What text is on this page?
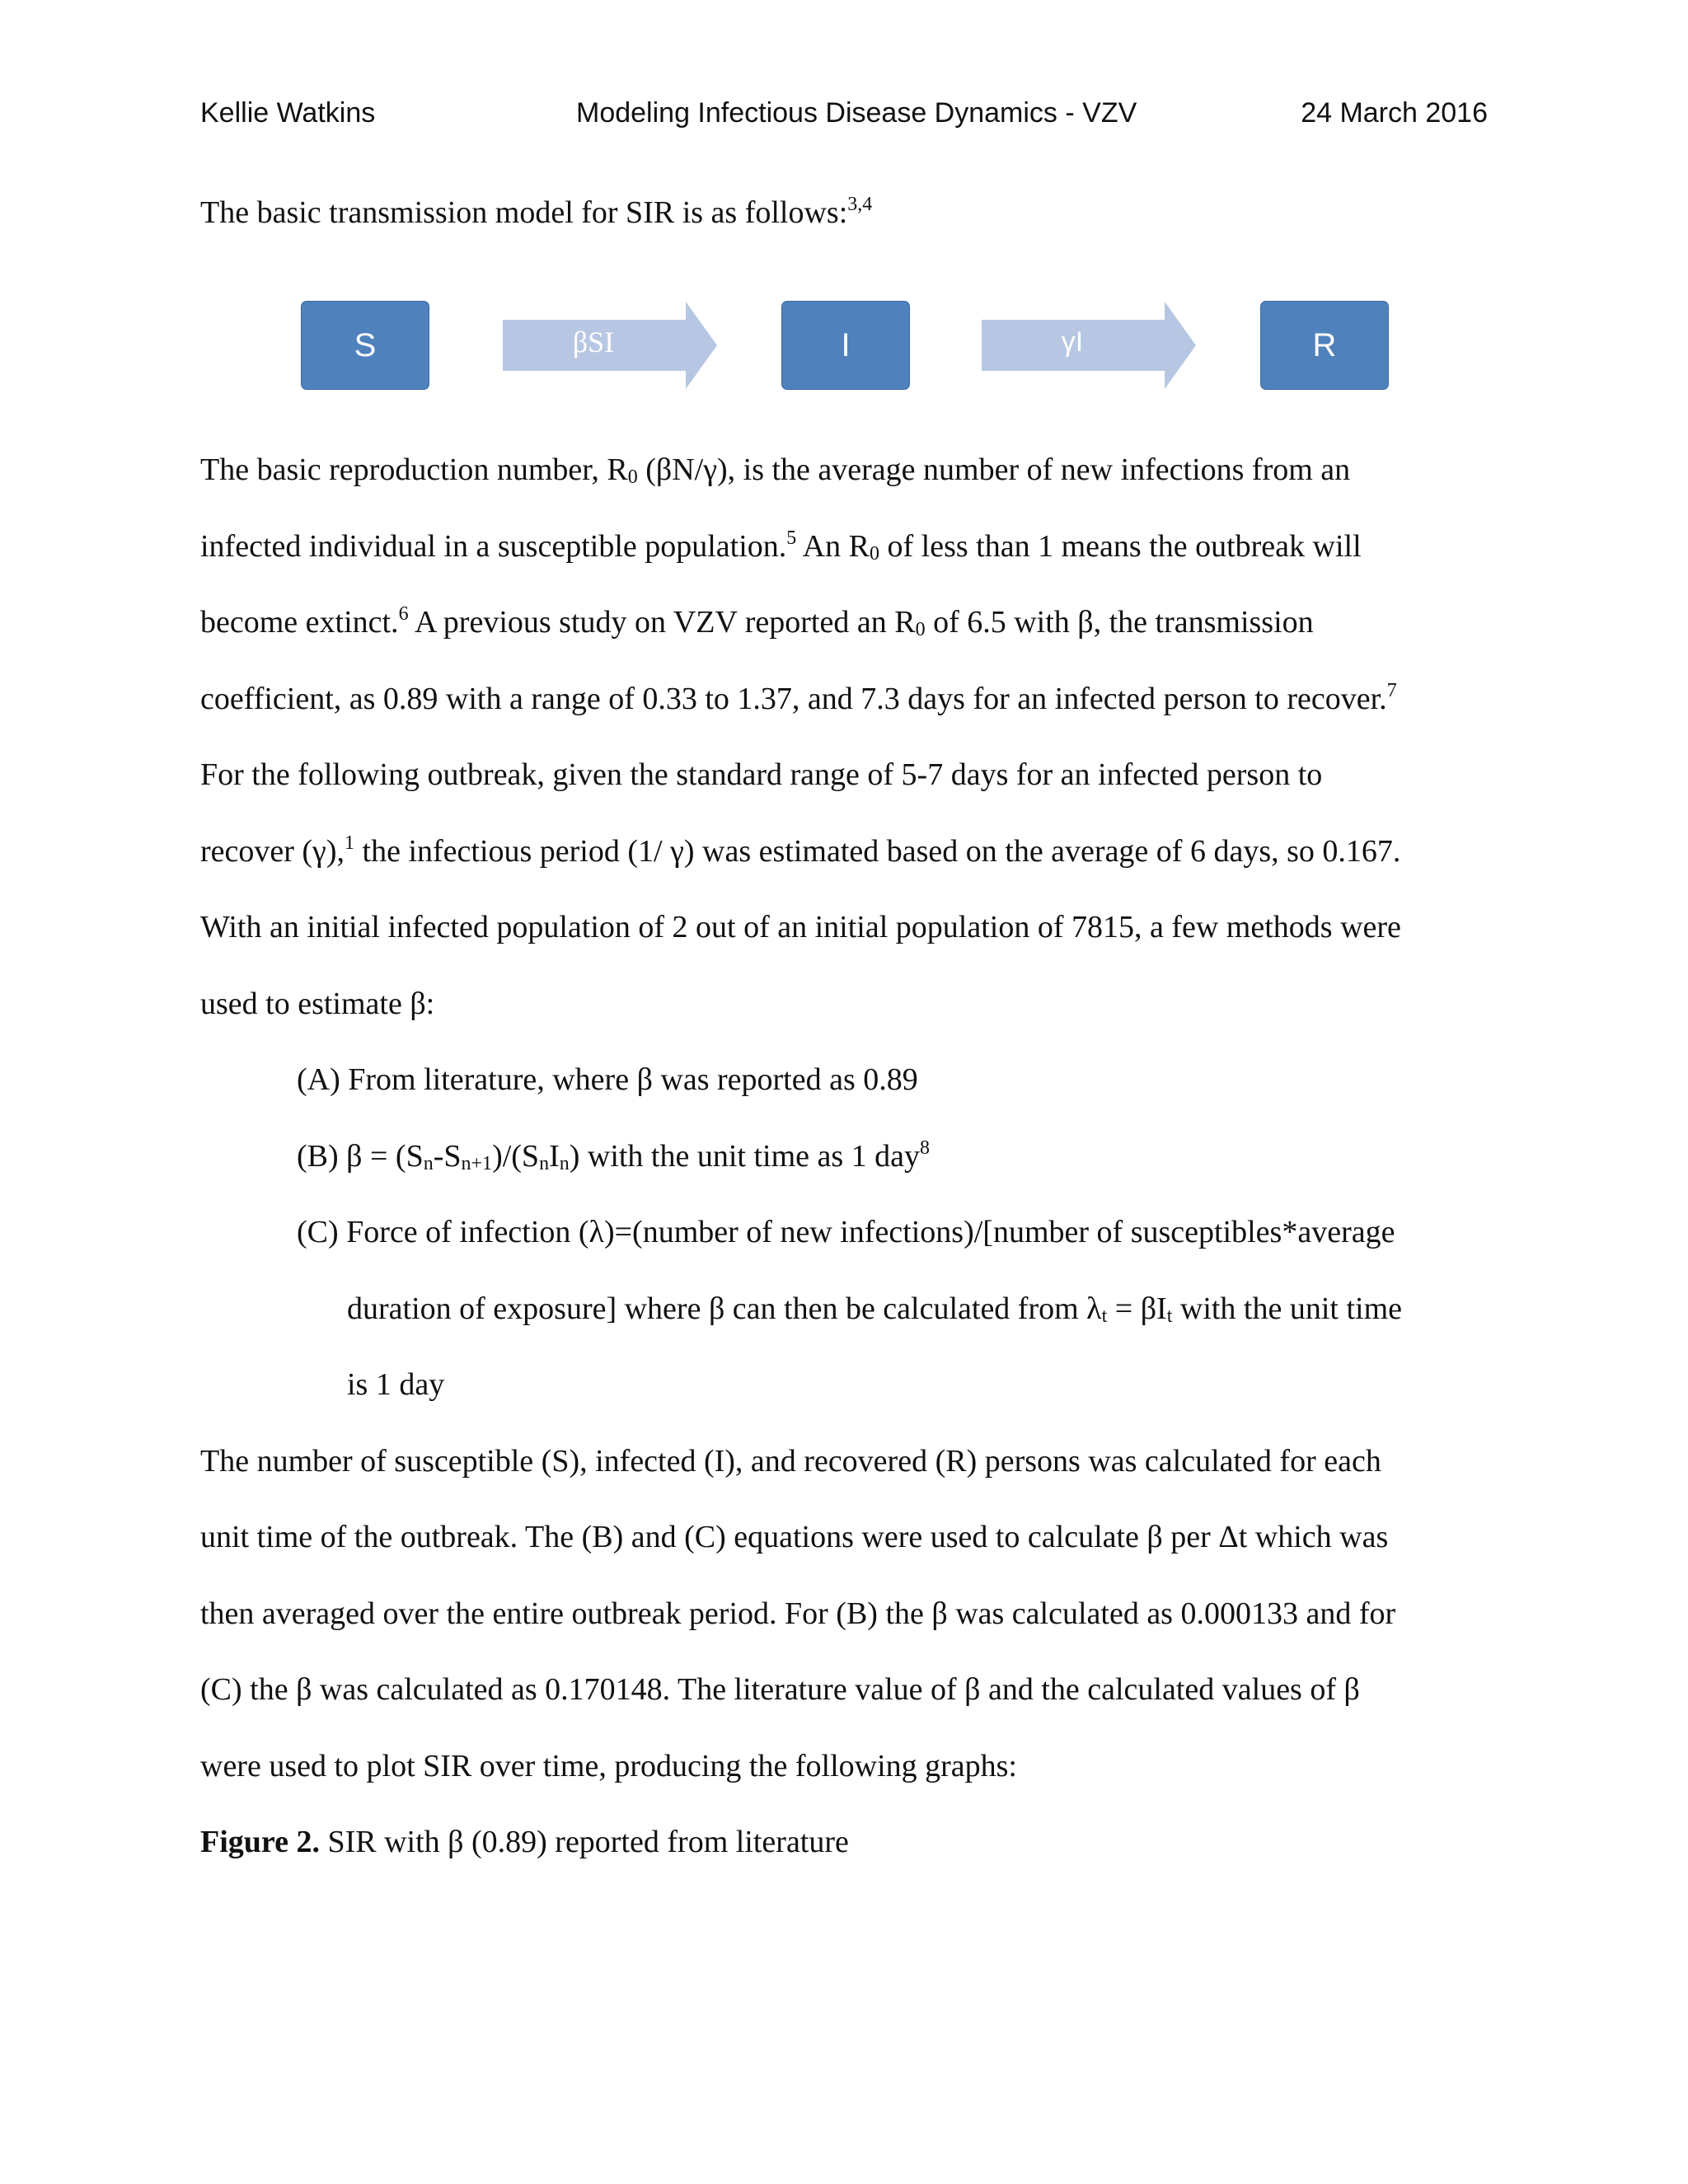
Kellie Watkins	Modeling Infectious Disease Dynamics - VZV	24 March 2016
The basic transmission model for SIR is as follows:$^{3,4}$
S	βSI	I	γI	R
The basic reproduction number, $R_0$ (βN/γ), is the average number of new infections from an
infected individual in a susceptible population.$^5$ An $R_0$ of less than 1 means the outbreak will
become extinct.$^6$ A previous study on VZV reported an $R_0$ of 6.5 with β, the transmission
coefficient, as 0.89 with a range of 0.33 to 1.37, and 7.3 days for an infected person to recover.$^7$
For the following outbreak, given the standard range of 5-7 days for an infected person to
recover (γ),$^1$ the infectious period (1/ γ) was estimated based on the average of 6 days, so 0.167.
With an initial infected population of 2 out of an initial population of 7815, a few methods were
used to estimate β:
(A) From literature, where β was reported as 0.89
(B) $\beta = (S_n-S_{n+1})/(S_nI_n)$ with the unit time as 1 day$^8$
(C) Force of infection (λ)=(number of new infections)/[number of susceptibles*average
duration of exposure] where β can then be calculated from $\lambda_t = \beta I_t$ with the unit time
is 1 day
The number of susceptible (S), infected (I), and recovered (R) persons was calculated for each
unit time of the outbreak. The (B) and (C) equations were used to calculate β per Δt which was
then averaged over the entire outbreak period. For (B) the β was calculated as 0.000133 and for
(C) the β was calculated as 0.170148. The literature value of β and the calculated values of β
were used to plot SIR over time, producing the following graphs:
Figure 2. SIR with β (0.89) reported from literature
